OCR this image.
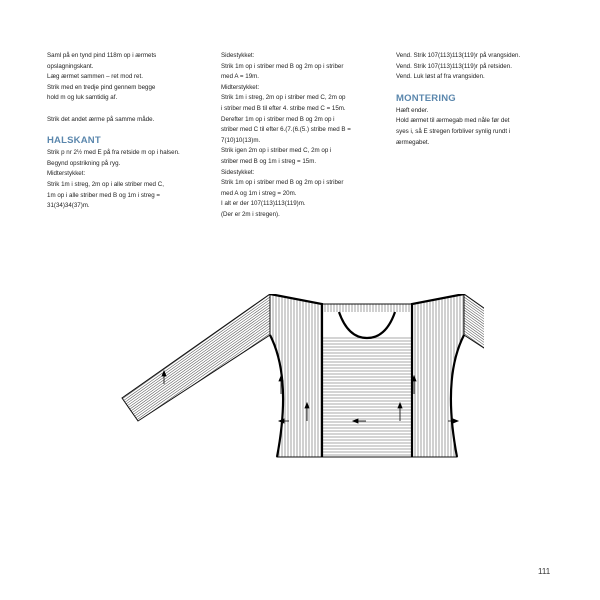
Saml på en tynd pind 118m op i ærmets

opslagningskant.

Læg ærmet sammen – ret mod ret.

Strik med en tredje pind gennem begge

hold m og luk samtidig af.

Strik det andet ærme på samme måde.

HALSKANT

Strik p nr 2½ med E på fra retside m op i halsen.

Begynd opstrikning på ryg.

Midterstykket:

Strik 1m i streg, 2m op i alle striber med C,

1m op i alle striber med B og 1m i streg =

31(34)34(37)m.

Sidestykket:

Strik 1m op i striber med B og 2m op i striber

med A = 19m.

Midterstykket:

Strik 1m i streg, 2m op i striber med C, 2m op

i striber med B til efter 4. stribe med C = 15m.

Derefter 1m op i striber med B og 2m op i

striber med C til efter 6.(7.(6.(5.) stribe med B =

7(10)10(13)m.

Strik igen 2m op i striber med C, 2m op i

striber med B og 1m i streg = 15m.

Sidestykket:

Strik 1m op i striber med B og 2m op i striber

med A og 1m i streg = 20m.

I alt er der 107(113)113(119)m.

(Der er 2m i stregen).

Vend. Strik 107(113)113(119)r på vrangsiden.

Vend. Strik 107(113)113(119)r på retsiden.

Vend. Luk løst af fra vrangsiden.

MONTERING

Hæft ender.

Hold ærmet til ærmegab med nåle før det

syes i, så E stregen forbliver synlig rundt i

ærmegabet.

111
